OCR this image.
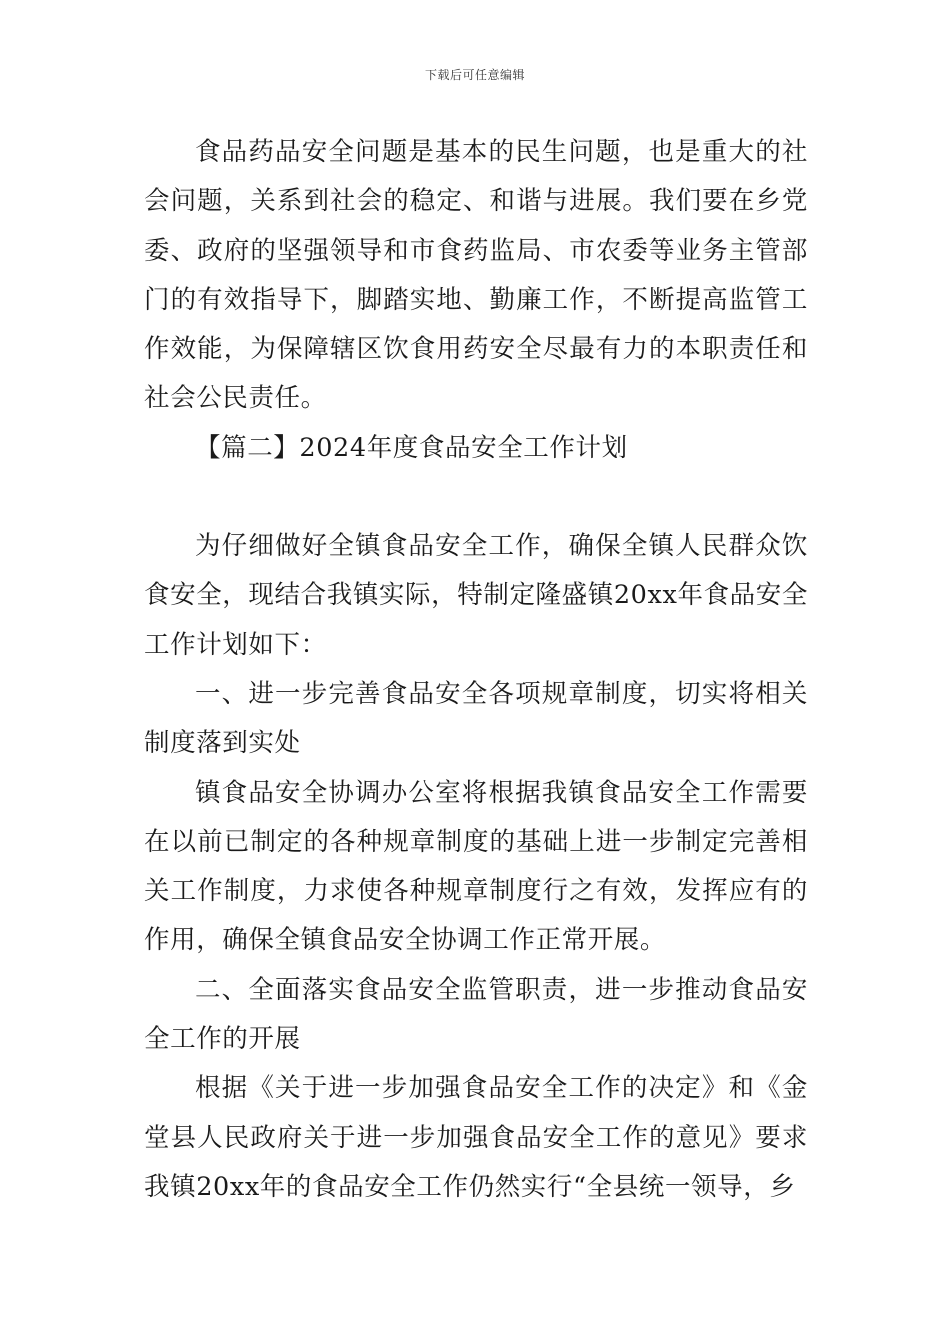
下载后可任意编辑

食品药品安全问题是基本的民生问题，也是重大的社会问题，关系到社会的稳定、和谐与进展。我们要在乡党委、政府的坚强领导和市食药监局、市农委等业务主管部门的有效指导下，脚踏实地、勤廉工作，不断提高监管工作效能，为保障辖区饮食用药安全尽最有力的本职责任和社会公民责任。

【篇二】2024年度食品安全工作计划

为仔细做好全镇食品安全工作，确保全镇人民群众饮食安全，现结合我镇实际，特制定隆盛镇20xx年食品安全工作计划如下：

一、进一步完善食品安全各项规章制度，切实将相关制度落到实处

镇食品安全协调办公室将根据我镇食品安全工作需要在以前已制定的各种规章制度的基础上进一步制定完善相关工作制度，力求使各种规章制度行之有效，发挥应有的作用，确保全镇食品安全协调工作正常开展。

二、全面落实食品安全监管职责，进一步推动食品安全工作的开展

根据《关于进一步加强食品安全工作的决定》和《金堂县人民政府关于进一步加强食品安全工作的意见》要求我镇20xx年的食品安全工作仍然实行“全县统一领导，乡
